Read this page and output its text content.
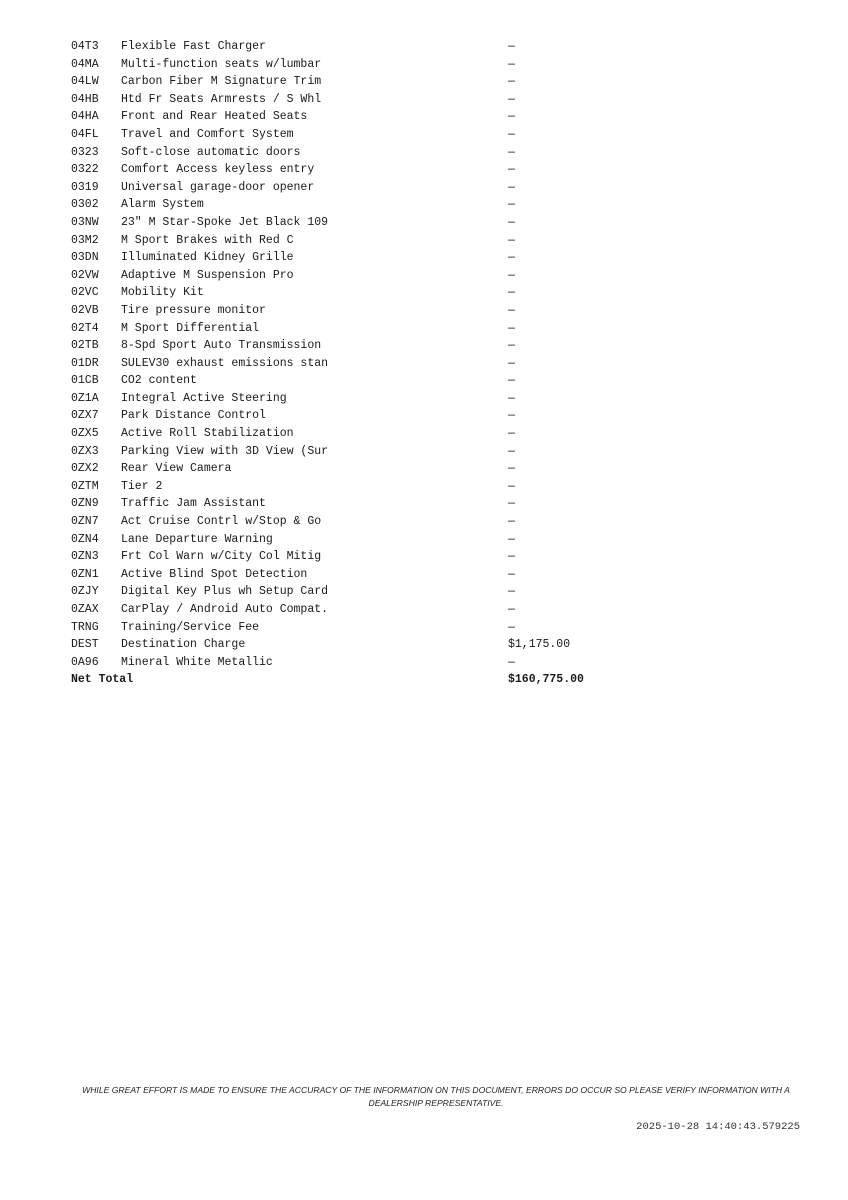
04T3 Flexible Fast Charger	—
04MA Multi-function seats w/lumbar	—
04LW Carbon Fiber M Signature Trim	—
04HB Htd Fr Seats Armrests / S Whl	—
04HA Front and Rear Heated Seats	—
04FL Travel and Comfort System	—
0323 Soft-close automatic doors	—
0322 Comfort Access keyless entry	—
0319 Universal garage-door opener	—
0302 Alarm System	—
03NW 23" M Star-Spoke Jet Black 109	—
03M2 M Sport Brakes with Red C	—
03DN Illuminated Kidney Grille	—
02VW Adaptive M Suspension Pro	—
02VC Mobility Kit	—
02VB Tire pressure monitor	—
02T4 M Sport Differential	—
02TB 8-Spd Sport Auto Transmission	—
01DR SULEV30 exhaust emissions stan	—
01CB CO2 content	—
0Z1A Integral Active Steering	—
0ZX7 Park Distance Control	—
0ZX5 Active Roll Stabilization	—
0ZX3 Parking View with 3D View (Sur	—
0ZX2 Rear View Camera	—
0ZTM Tier 2	—
0ZN9 Traffic Jam Assistant	—
0ZN7 Act Cruise Contrl w/Stop & Go	—
0ZN4 Lane Departure Warning	—
0ZN3 Frt Col Warn w/City Col Mitig	—
0ZN1 Active Blind Spot Detection	—
0ZJY Digital Key Plus wh Setup Card	—
0ZAX CarPlay / Android Auto Compat.	—
TRNG Training/Service Fee	—
DEST Destination Charge	$1,175.00
0A96 Mineral White Metallic	—
Net Total	$160,775.00
WHILE GREAT EFFORT IS MADE TO ENSURE THE ACCURACY OF THE INFORMATION ON THIS DOCUMENT, ERRORS DO OCCUR SO PLEASE VERIFY INFORMATION WITH A DEALERSHIP REPRESENTATIVE.
2025-10-28 14:40:43.579225
